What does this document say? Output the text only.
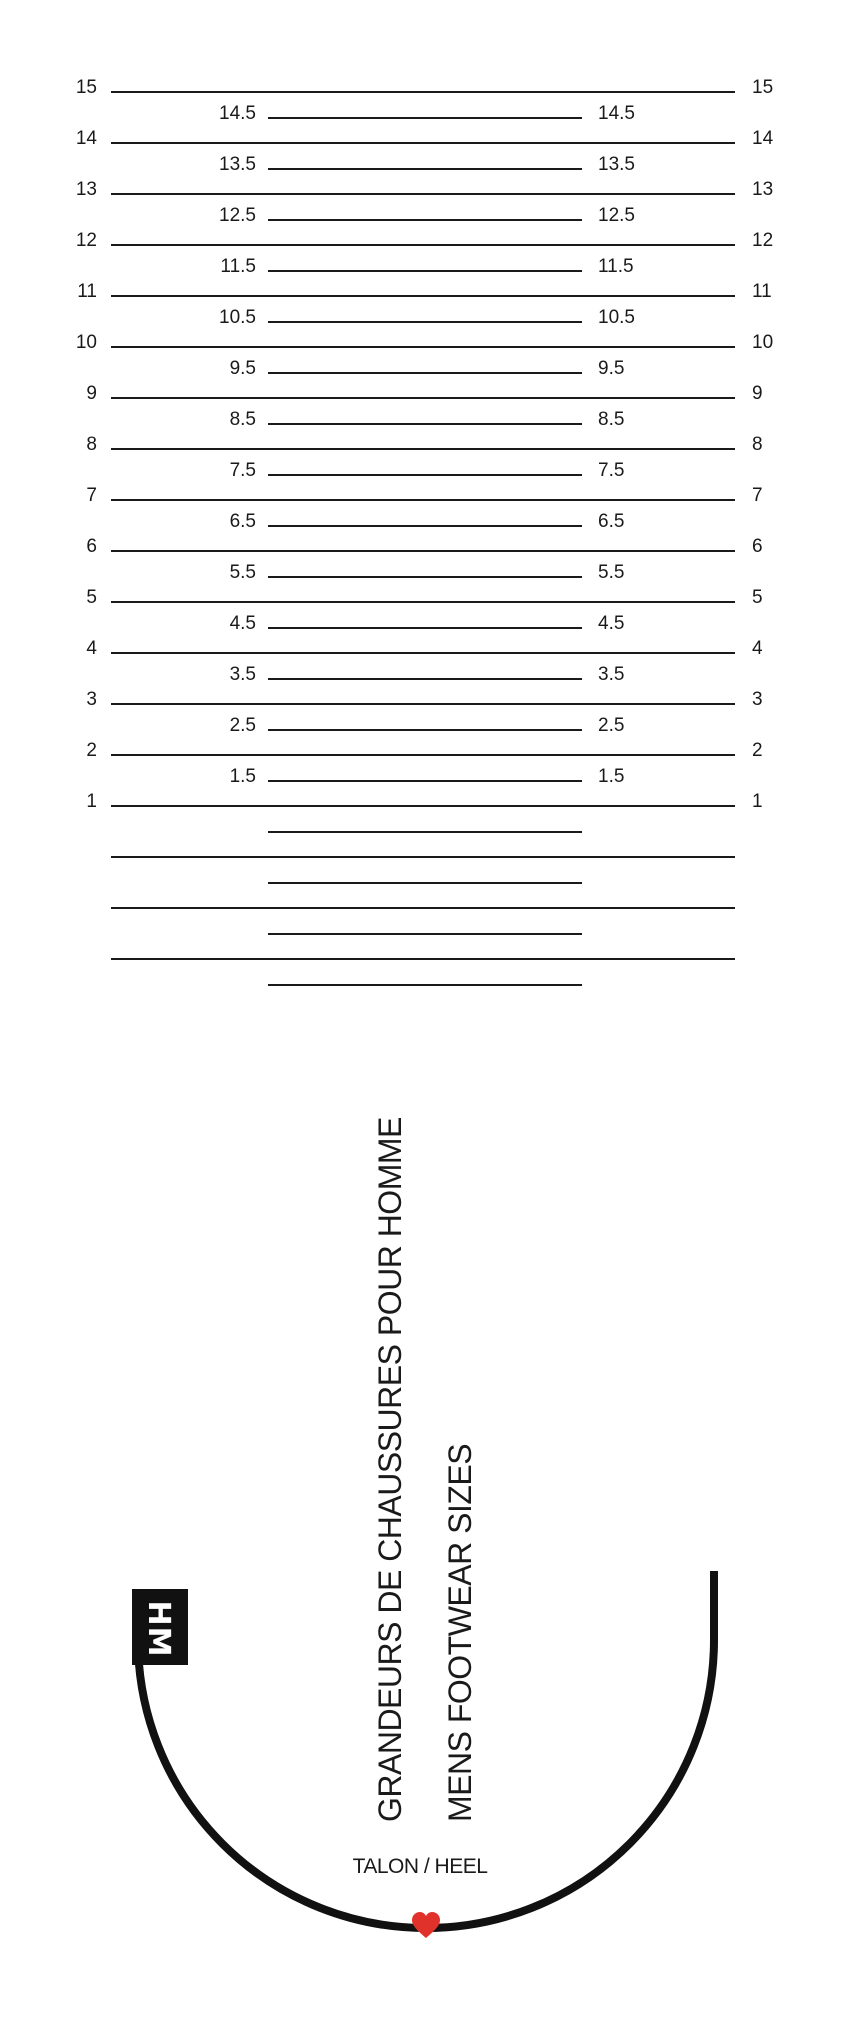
15	15
14	14
13	13
12	12
11	11
10	10
9	9
8	8
7	7
6	6
5	5
4	4
3	3
2	2
1	1
14.5	14.5
13.5	13.5
12.5	12.5
11.5	11.5
10.5	10.5
9.5	9.5
8.5	8.5
7.5	7.5
6.5	6.5
5.5	5.5
4.5	4.5
3.5	3.5
2.5	2.5
1.5	1.5
HM	GRANDEURS DE CHAUSSURES POUR HOMME MENS FOOTWEAR SIZES
TALON / HEEL
